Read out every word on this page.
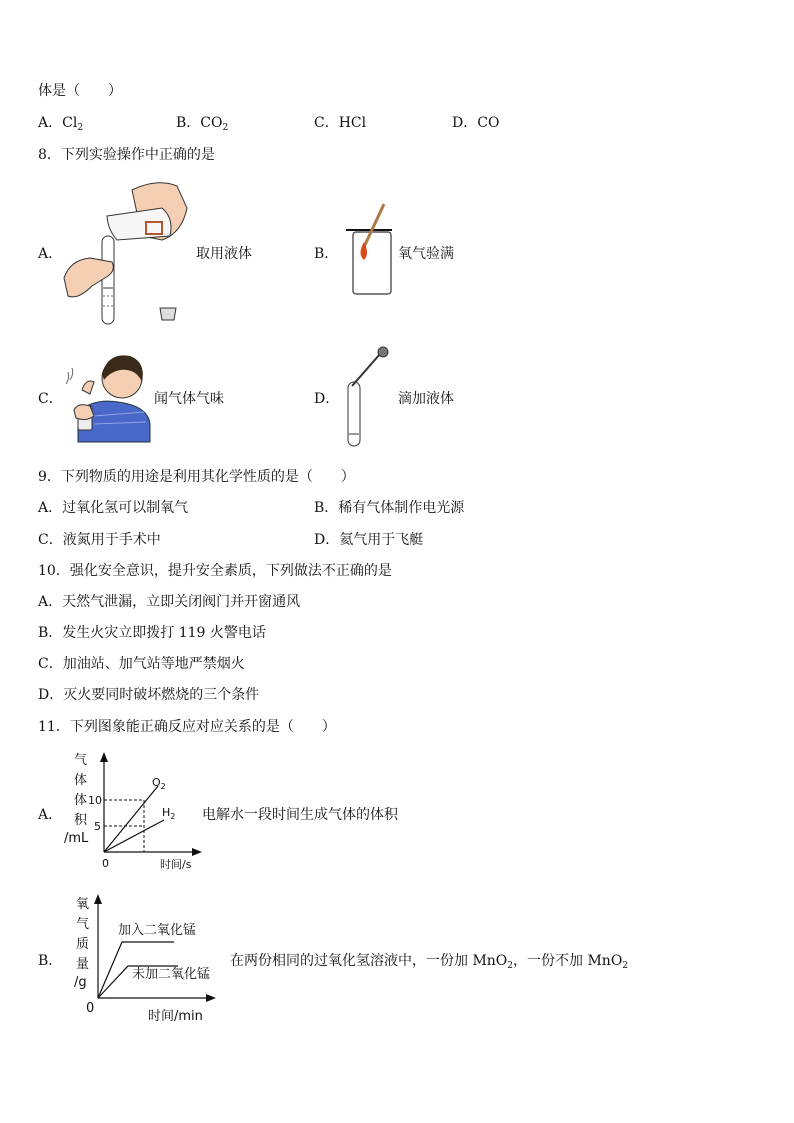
体是（　　）
A．$Cl_2$	B．$CO_2$	C．HCl	D．CO
8．下列实验操作中正确的是
A．	取用液体	B．	氧气验满
C．	闻气体气味	D．	滴加液体
9．下列物质的用途是利用其化学性质的是（　　）
A．过氧化氢可以制氧气	B．稀有气体制作电光源
C．液氮用于手术中	D．氦气用于飞艇
10．强化安全意识，提升安全素质，下列做法不正确的是
A．天然气泄漏，立即关闭阀门并开窗通风
B．发生火灾立即拨打 119 火警电话
C．加油站、加气站等地严禁烟火
D．灭火要同时破坏燃烧的三个条件
11．下列图象能正确反应对应关系的是（　　）
A．
气
体
体
积
/mL
10
5
0	时间/s
$O_2$
$H_2$ 电解水一段时间生成气体的体积
B．
氧
气
质
量
/g
加入二氧化锰
未加二氧化锰
0
时间/min
在两份相同的过氧化氢溶液中，一份加 MnO$_2$，一份不加 MnO$_2$
